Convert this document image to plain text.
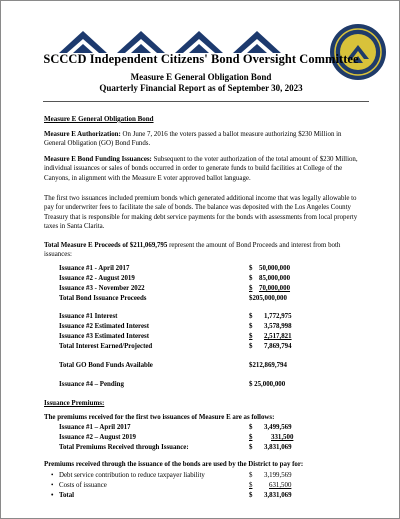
SCCCD Independent Citizens' Bond Oversight Committee
Measure E General Obligation Bond
Quarterly Financial Report as of September 30, 2023
Measure E General Obligation Bond
Measure E Authorization: On June 7, 2016 the voters passed a ballot measure authorizing $230 Million in General Obligation (GO) Bond Funds.
Measure E Bond Funding Issuances: Subsequent to the voter authorization of the total amount of $230 Million, individual issuances or sales of bonds occurred in order to generate funds to build facilities at College of the Canyons, in alignment with the Measure E voter approved ballot language.
The first two issuances included premium bonds which generated additional income that was legally allowable to pay for underwriter fees to facilitate the sale of bonds. The balance was deposited with the Los Angeles County Treasury that is responsible for making debt service payments for the bonds with assessments from local property taxes in Santa Clarita.
Total Measure E Proceeds of $211,069,795 represent the amount of Bond Proceeds and interest from both issuances:
Issuance #1 - April 2017	$ 50,000,000
Issuance #2 - August 2019	$ 85,000,000
Issuance #3 - November 2022	$ 70,000,000
Total Bond Issuance Proceeds	$205,000,000
Issuance #1 Interest	$ 1,772,975
Issuance #2 Estimated Interest	$ 3,578,998
Issuance #3 Estimated Interest	$ 2,517,821
Total Interest Earned/Projected	$ 7,869,794
Total GO Bond Funds Available	$212,869,794
Issuance #4 – Pending	$ 25,000,000
Issuance Premiums:
The premiums received for the first two issuances of Measure E are as follows:
Issuance #1 – April 2017	$ 3,499,569
Issuance #2 – August 2019	$	331,500
Total Premiums Received through Issuance:	$ 3,831,069
Premiums received through the issuance of the bonds are used by the District to pay for:
• Debt service contribution to reduce taxpayer liability	$ 3,199,569
• Costs of issuance	$ 631,500
• Total	$ 3,831,069
